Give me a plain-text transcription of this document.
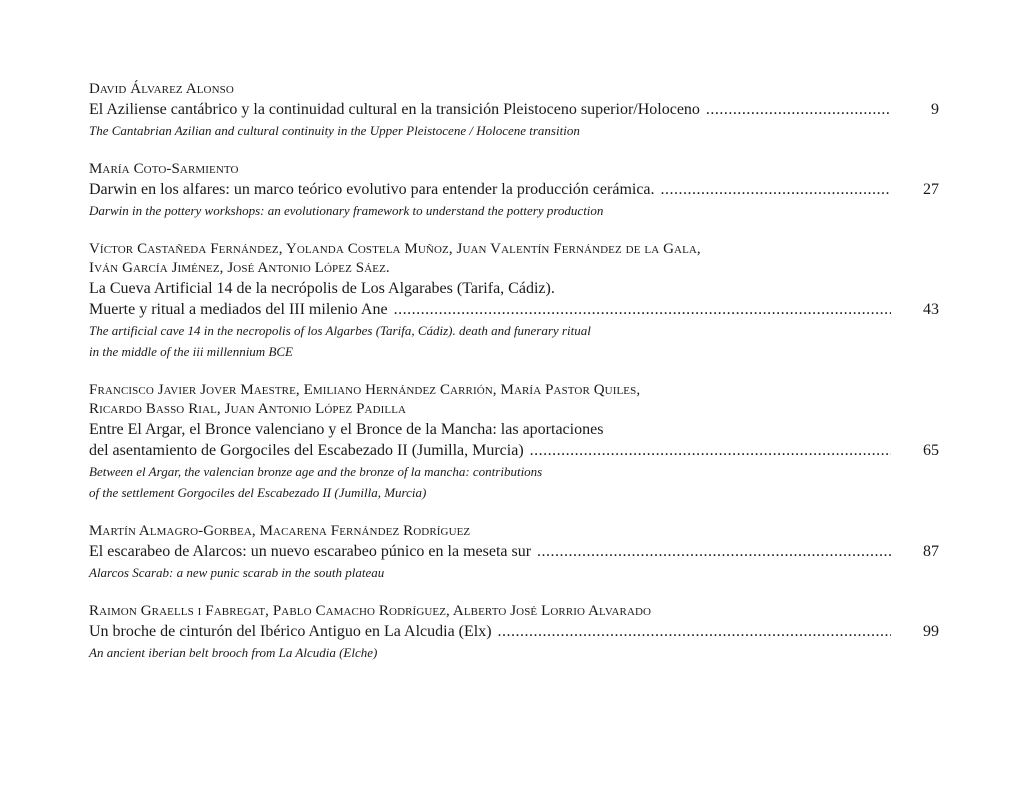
David Álvarez Alonso
El Aziliense cantábrico y la continuidad cultural en la transición Pleistoceno superior/Holoceno .....	9
The Cantabrian Azilian and cultural continuity in the Upper Pleistocene / Holocene transition
María Coto-Sarmiento
Darwin en los alfares: un marco teórico evolutivo para entender la producción cerámica. .....	27
Darwin in the pottery workshops: an evolutionary framework to understand the pottery production
Víctor Castañeda Fernández, Yolanda Costela Muñoz, Juan Valentín Fernández de la Gala,
Iván García Jiménez, José Antonio López Sáez.
La Cueva Artificial 14 de la necrópolis de Los Algarabes (Tarifa, Cádiz).
Muerte y ritual a mediados del III milenio Ane .....	43
The artificial cave 14 in the necropolis of los Algarbes (Tarifa, Cádiz). death and funerary ritual
in the middle of the iii millennium BCE
Francisco Javier Jover Maestre, Emiliano Hernández Carrión, María Pastor Quiles,
Ricardo Basso Rial, Juan Antonio López Padilla
Entre El Argar, el Bronce valenciano y el Bronce de la Mancha: las aportaciones
del asentamiento de Gorgociles del Escabezado II (Jumilla, Murcia) .....	65
Between el Argar, the valencian bronze age and the bronze of la mancha: contributions
of the settlement Gorgociles del Escabezado II (Jumilla, Murcia)
Martín Almagro-Gorbea, Macarena Fernández Rodríguez
El escarabeo de Alarcos: un nuevo escarabeo púnico en la meseta sur .....	87
Alarcos Scarab: a new punic scarab in the south plateau
Raimon Graells i Fabregat, Pablo Camacho Rodríguez, Alberto José Lorrio Alvarado
Un broche de cinturón del Ibérico Antiguo en La Alcudia (Elx) .....	99
An ancient iberian belt brooch from La Alcudia (Elche)
